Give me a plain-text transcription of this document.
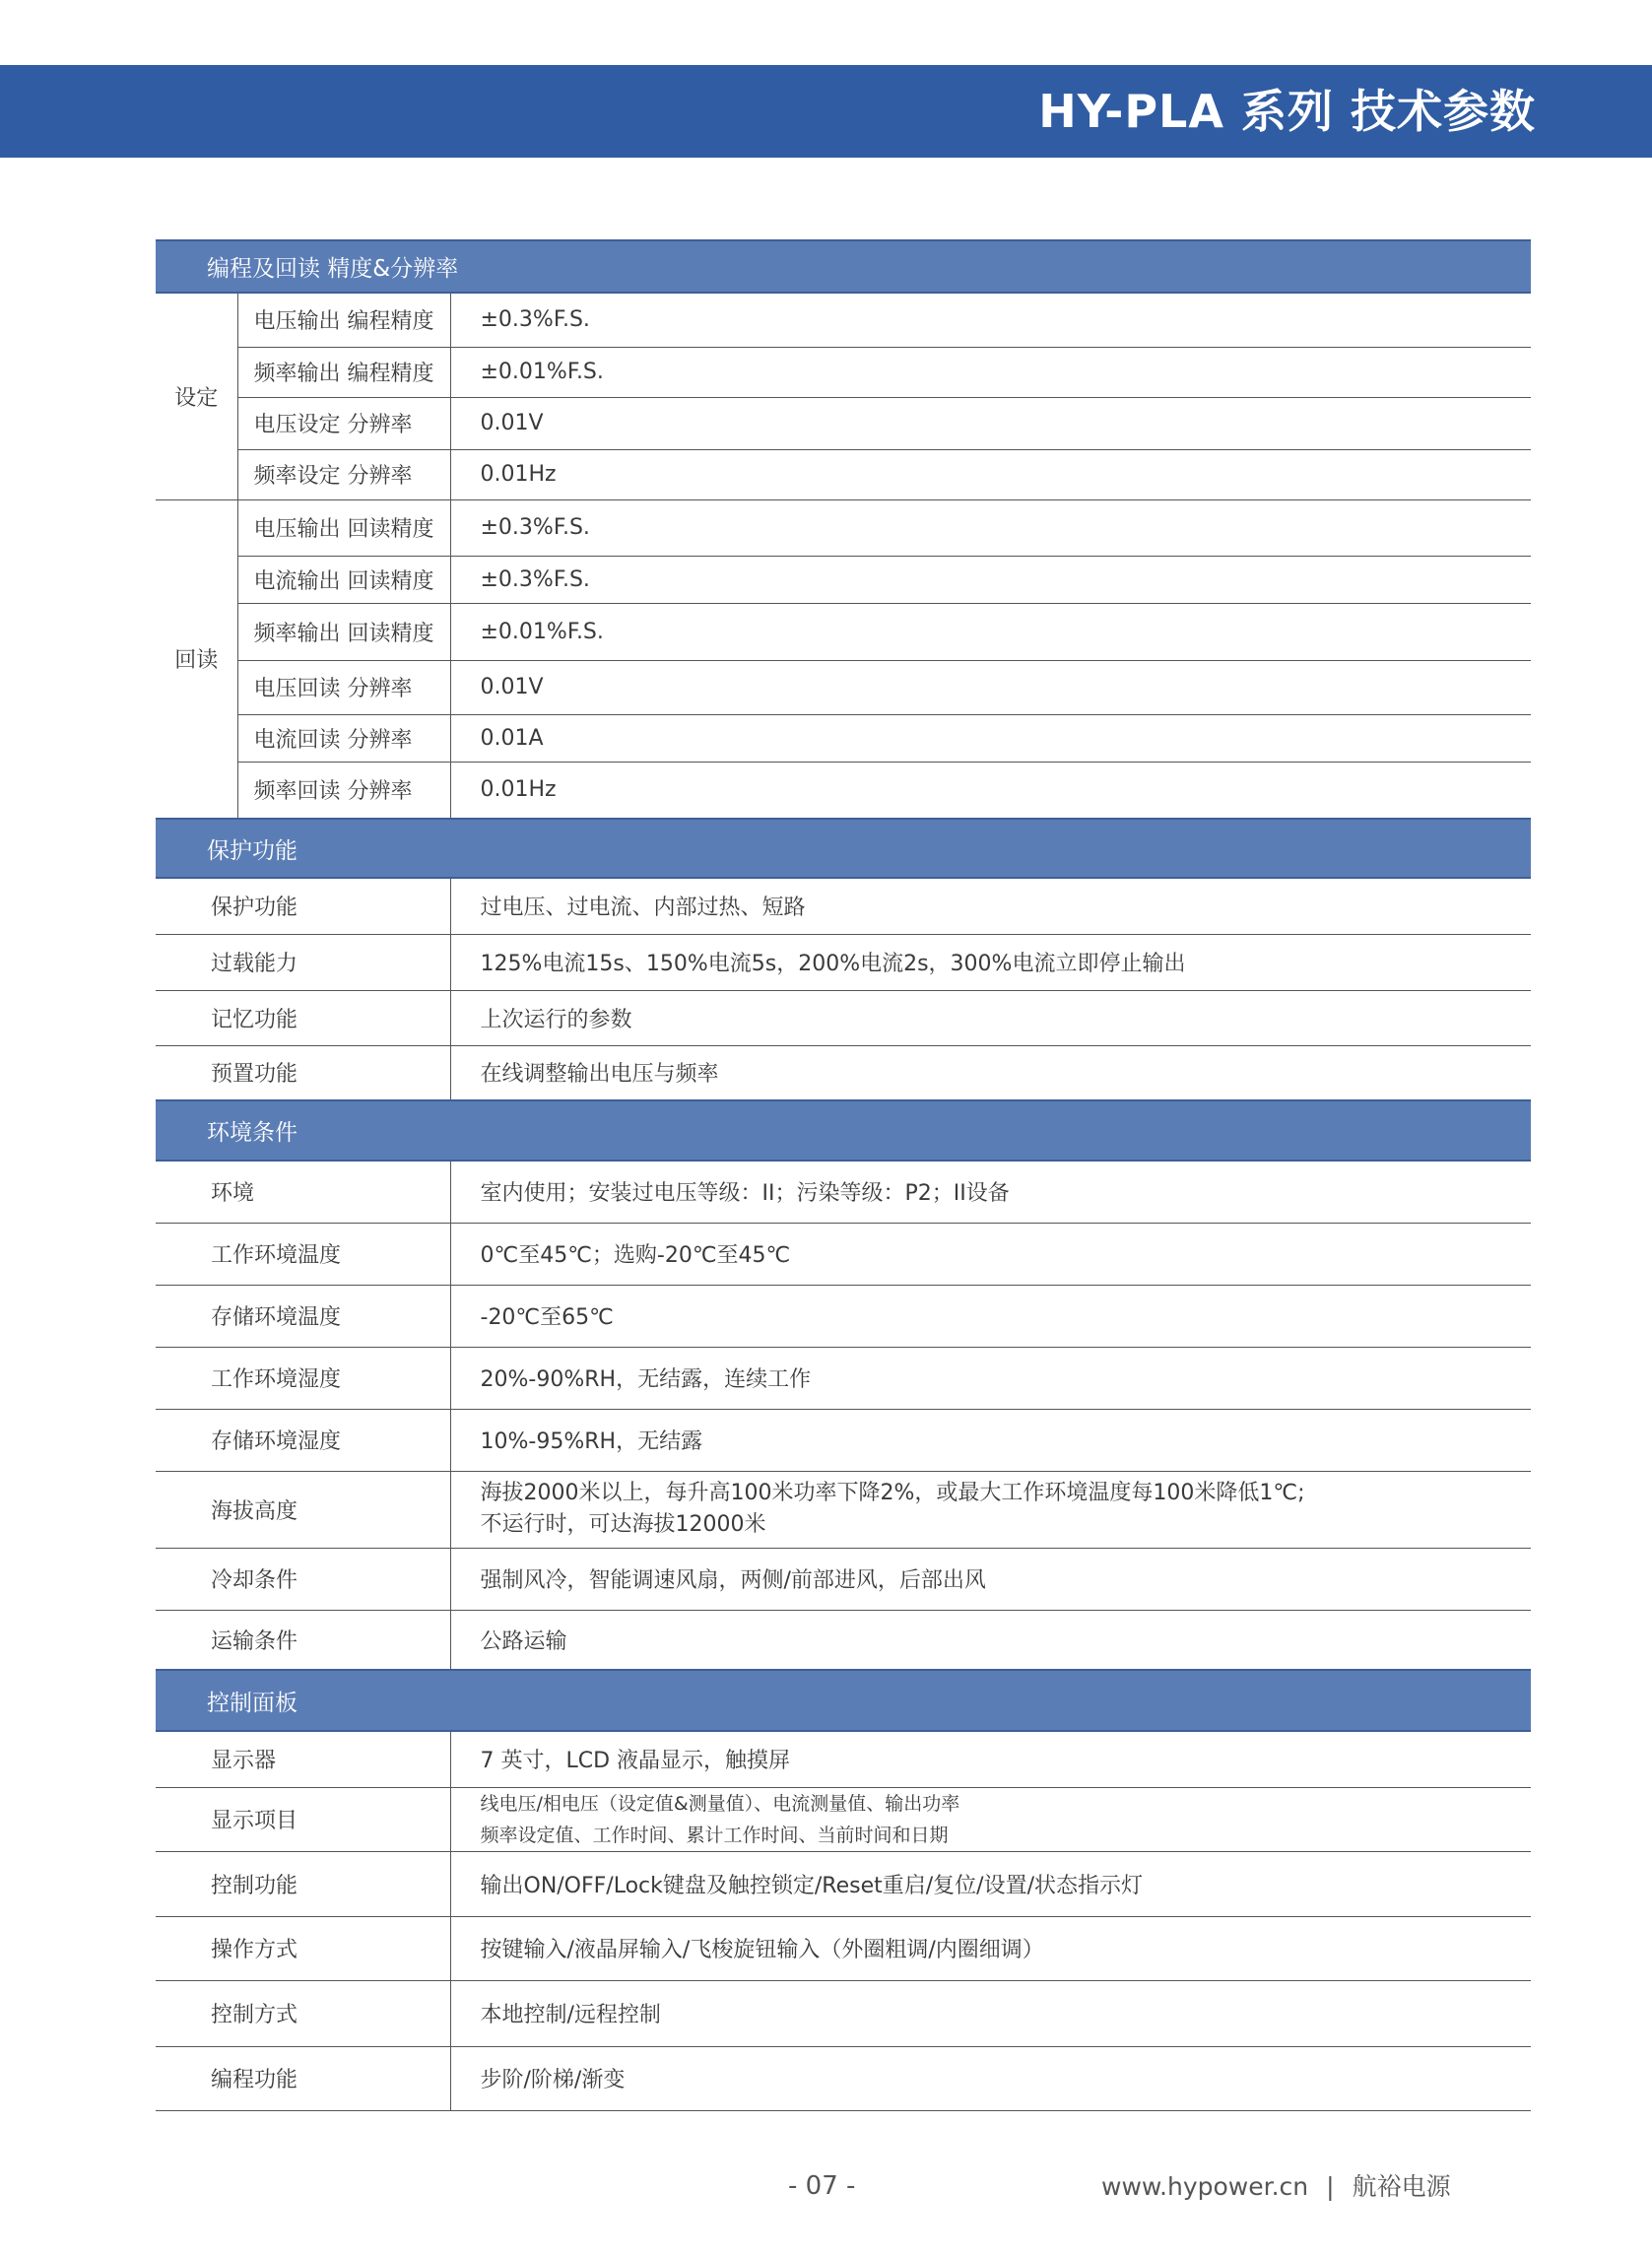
HY-PLA 系列 技术参数
编程及回读 精度&分辨率		
设定	电压输出 编程精度	±0.3%F.S.
	频率输出 编程精度	±0.01%F.S.
	电压设定 分辨率	0.01V
	频率设定 分辨率	0.01Hz
回读	电压输出 回读精度	±0.3%F.S.
	电流输出 回读精度	±0.3%F.S.
	频率输出 回读精度	±0.01%F.S.
	电压回读 分辨率	0.01V
	电流回读 分辨率	0.01A
	频率回读 分辨率	0.01Hz
保护功能		
保护功能		过电压、过电流、内部过热、短路
过载能力		125%电流15s、150%电流5s，200%电流2s，300%电流立即停止输出
记忆功能		上次运行的参数
预置功能		在线调整输出电压与频率
环境条件		
环境		室内使用；安装过电压等级：II；污染等级：P2；II设备
工作环境温度		0℃至45℃；选购-20℃至45℃
存储环境温度		-20℃至65℃
工作环境湿度		20%-90%RH，无结露，连续工作
存储环境湿度		10%-95%RH，无结露
海拔高度		海拔2000米以上，每升高100米功率下降2%，或最大工作环境温度每100米降低1℃;
不运行时，可达海拔12000米

冷却条件		强制风冷，智能调速风扇，两侧/前部进风，后部出风
运输条件		公路运输
控制面板		
显示器		7 英寸，LCD 液晶显示，触摸屏
显示项目		线电压/相电压（设定值&测量值）、电流测量值、输出功率
频率设定值、工作时间、累计工作时间、当前时间和日期

控制功能		输出ON/OFF/Lock键盘及触控锁定/Reset重启/复位/设置/状态指示灯
操作方式		按键输入/液晶屏输入/飞梭旋钮输入（外圈粗调/内圈细调）
控制方式		本地控制/远程控制
编程功能		步阶/阶梯/渐变
- 07 -	www.hypower.cn | 航裕电源
